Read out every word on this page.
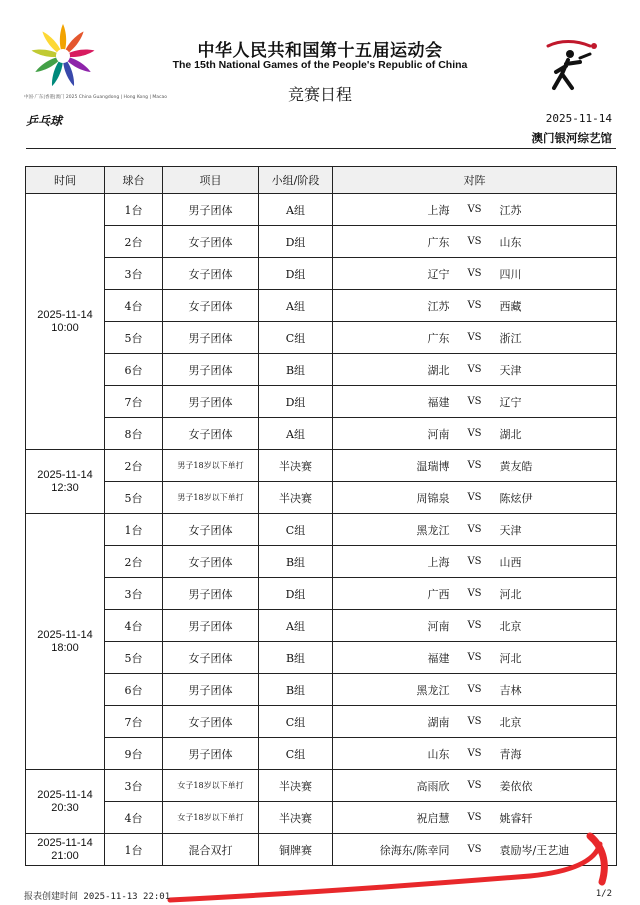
中国·广东|香港|澳门 2025 China Guangdong | Hong Kong | Macao
中华人民共和国第十五届运动会
The 15th National Games of the People's Republic of China
竞赛日程
乒乓球	2025-11-14
澳门银河综艺馆
时间	球台	项目	小组/阶段	对阵
2025-11-14
10:00	1台	男子团体	A组	上海 VS 江苏

	2台	女子团体	D组	广东 VS 山东

	3台	女子团体	D组	辽宁 VS 四川

	4台	女子团体	A组	江苏 VS 西藏

	5台	男子团体	C组	广东 VS 浙江

	6台	男子团体	B组	湖北 VS 天津

	7台	男子团体	D组	福建 VS 辽宁

	8台	女子团体	A组	河南 VS 湖北

2025-11-14
12:30	2台	男子18岁以下单打	半决赛	温瑞博 VS 黄友皓

	5台	男子18岁以下单打	半决赛	周锦泉 VS 陈炫伊

2025-11-14
18:00	1台	女子团体	C组	黑龙江 VS 天津

	2台	女子团体	B组	上海 VS 山西

	3台	男子团体	D组	广西 VS 河北

	4台	男子团体	A组	河南 VS 北京

	5台	女子团体	B组	福建 VS 河北

	6台	男子团体	B组	黑龙江 VS 吉林

	7台	女子团体	C组	湖南 VS 北京

	9台	男子团体	C组	山东 VS 青海

2025-11-14
20:30	3台	女子18岁以下单打	半决赛	高雨欣 VS 姜依依

	4台	女子18岁以下单打	半决赛	祝启慧 VS 姚睿轩

2025-11-14
21:00	1台	混合双打	铜牌赛	徐海东/陈幸同 VS 袁励岑/王艺迪
报表创建时间 2025-11-13 22:01	1/2
